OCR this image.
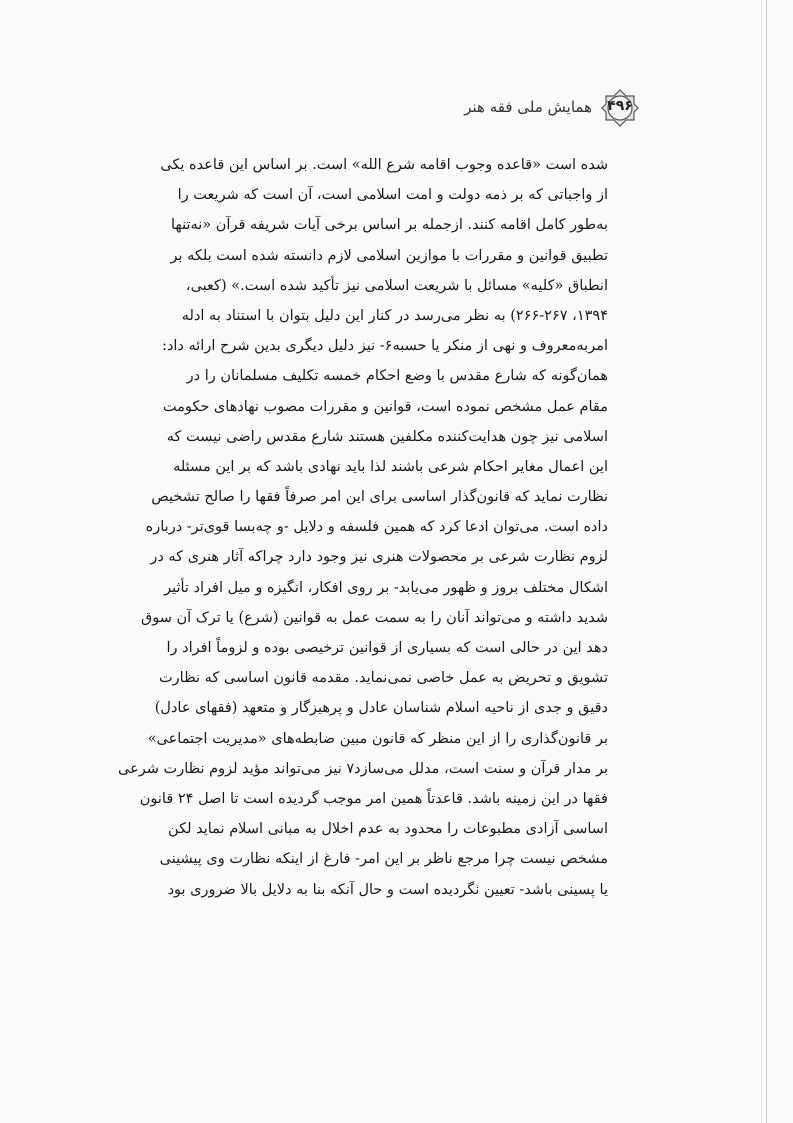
۴۹۶
همایش ملی فقه هنر
شده است «قاعده وجوب اقامه شرع الله» است. بر اساس این قاعده یکی
از واجباتی که بر ذمه دولت و امت اسلامی است، آن است که شریعت را
به‌طور کامل اقامه کنند. ازجمله بر اساس برخی آیات شریفه قرآن «نه‌تنها
تطبیق قوانین و مقررات با موازین اسلامی لازم دانسته شده است بلکه بر
انطباق «کلیه» مسائل با شریعت اسلامی نیز تأکید شده است.» (کعبی،
۱۳۹۴، ۲۶۶-۲۶۷) به نظر می‌رسد در کنار این دلیل بتوان با استناد به ادله
امربه‌معروف و نهی از منکر یا حسبه۶- نیز دلیل دیگری بدین شرح ارائه داد:
همان‌گونه که شارع مقدس با وضع احکام خمسه تکلیف مسلمانان را در
مقام عمل مشخص نموده است، قوانین و مقررات مصوب نهادهای حکومت
اسلامی نیز چون هدایت‌کننده مکلفین هستند شارع مقدس راضی نیست که
این اعمال مغایر احکام شرعی باشند لذا باید نهادی باشد که بر این مسئله
نظارت نماید که قانون‌گذار اساسی برای این امر صرفاً فقها را صالح تشخیص
داده است. می‌توان ادعا کرد که همین فلسفه و دلایل -و چه‌بسا قوی‌تر- درباره
لزوم نظارت شرعی بر محصولات هنری نیز وجود دارد چراکه آثار هنری که در
اشکال مختلف بروز و ظهور می‌یابد- بر روی افکار، انگیزه و میل افراد تأثیر
شدید داشته و می‌تواند آنان را به سمت عمل به قوانین (شرع) یا ترک آن سوق
دهد این در حالی است که بسیاری از قوانین ترخیصی بوده و لزوماً افراد را
تشویق و تحریض به عمل خاصی نمی‌نماید. مقدمه قانون اساسی که نظارت
دقیق و جدی از ناحیه اسلام شناسان عادل و پرهیزگار و متعهد (فقهای عادل)
بر قانون‌گذاری را از این منظر که قانون مبین ضابطه‌های «مدیریت اجتماعی»
بر مدار قرآن و سنت است، مدلل می‌سازد۷ نیز می‌تواند مؤید لزوم نظارت شرعی
فقها در این زمینه باشد. قاعدتاً همین امر موجب گردیده است تا اصل ۲۴ قانون
اساسی آزادی مطبوعات را محدود به عدم اخلال به مبانی اسلام نماید لکن
مشخص نیست چرا مرجع ناظر بر این امر- فارغ از اینکه نظارت وی پیشینی
یا پسینی باشد- تعیین نگردیده است و حال آنکه بنا به دلایل بالا ضروری بود
